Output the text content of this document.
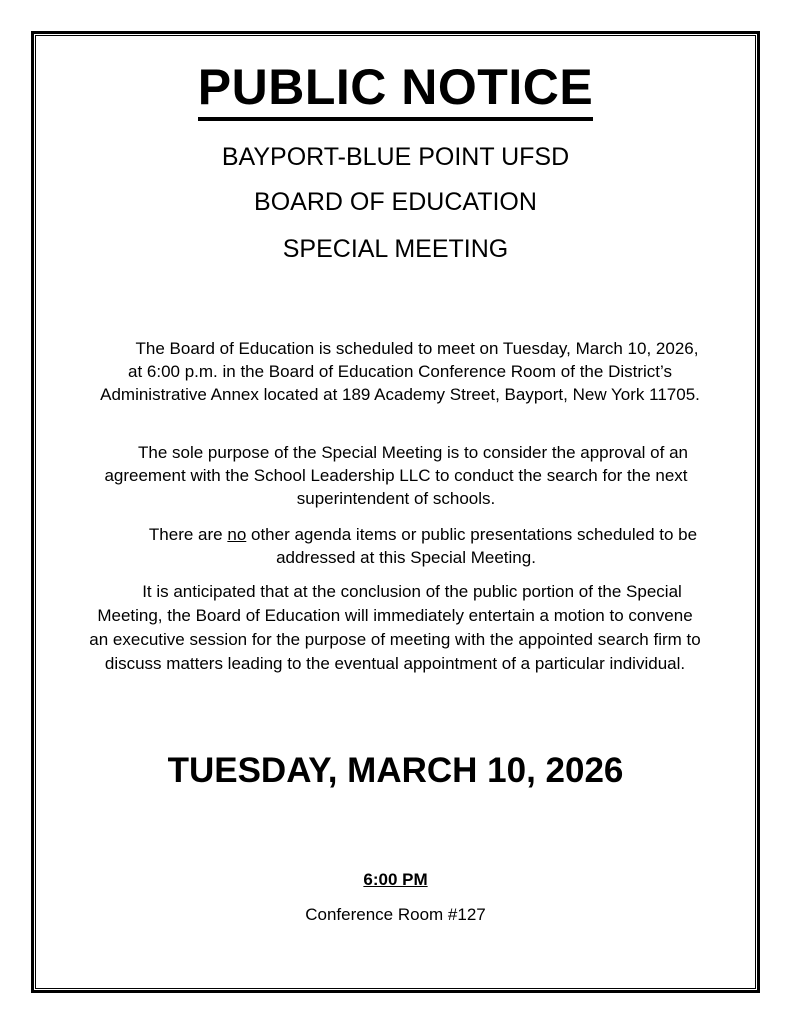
PUBLIC NOTICE
BAYPORT-BLUE POINT UFSD
BOARD OF EDUCATION
SPECIAL MEETING
The Board of Education is scheduled to meet on Tuesday, March 10, 2026, at 6:00 p.m. in the Board of Education Conference Room of the District’s Administrative Annex located at 189 Academy Street, Bayport, New York 11705.
The sole purpose of the Special Meeting is to consider the approval of an agreement with the School Leadership LLC to conduct the search for the next superintendent of schools.
There are no other agenda items or public presentations scheduled to be addressed at this Special Meeting.
It is anticipated that at the conclusion of the public portion of the Special Meeting, the Board of Education will immediately entertain a motion to convene an executive session for the purpose of meeting with the appointed search firm to discuss matters leading to the eventual appointment of a particular individual.
TUESDAY, MARCH 10, 2026
6:00 PM
Conference Room #127
